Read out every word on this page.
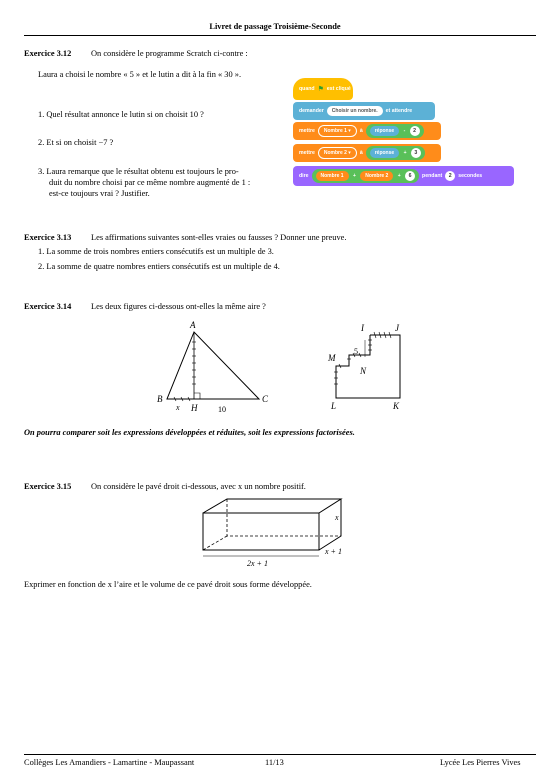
Livret de passage Troisième-Seconde
Exercice 3.12 On considère le programme Scratch ci-contre :
Laura a choisi le nombre « 5 » et le lutin a dit à la fin « 30 ».
1. Quel résultat annonce le lutin si on choisit 10 ?
2. Et si on choisit −7 ?
3. Laura remarque que le résultat obtenu est toujours le pro-
duit du nombre choisi par ce même nombre augmenté de 1 :
est-ce toujours vrai ? Justifier.
quand ⚑ est cliqué
demander	Choisir un nombre.	et attendre
mettre	Nombre 1 ▾	à	réponse - 2
mettre	Nombre 2 ▾	à	réponse + 3
dire	Nombre 1 + Nombre 2 + 6	pendant	2	secondes
Exercice 3.13 Les affirmations suivantes sont-elles vraies ou fausses ? Donner une preuve.
1. La somme de trois nombres entiers consécutifs est un multiple de 3.
2. La somme de quatre nombres entiers consécutifs est un multiple de 4.
Exercice 3.14 Les deux figures ci-dessous ont-elles la même aire ?
A
B	C
H
x	10
I	J
M
N
L	K
5
On pourra comparer soit les expressions développées et réduites, soit les expressions factorisées.
Exercice 3.15 On considère le pavé droit ci-dessous, avec x un nombre positif.
x
x + 1
2x + 1
Exprimer en fonction de x l’aire et le volume de ce pavé droit sous forme développée.
Collèges Les Amandiers - Lamartine - Maupassant	11/13	Lycée Les Pierres Vives
